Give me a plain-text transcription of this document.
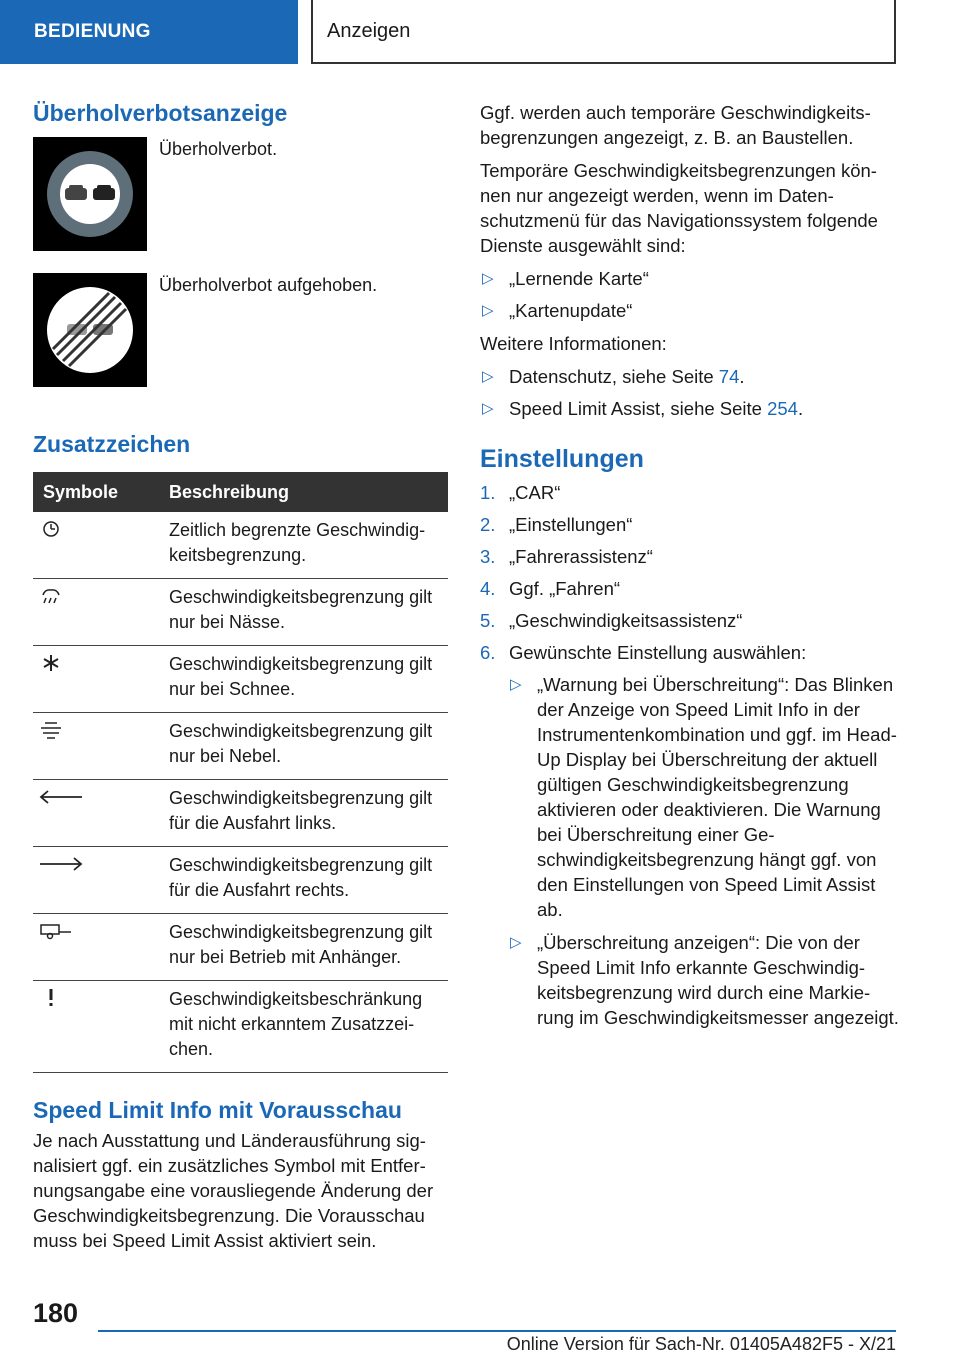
BEDIENUNG	Anzeigen
Überholverbotsanzeige
Überholverbot.
Überholverbot aufgehoben.
Zusatzzeichen
Symbole	Beschreibung
	Zeitlich begrenzte Geschwindigkeitsbegrenzung.
	Geschwindigkeitsbegrenzung gilt nur bei Nässe.
	Geschwindigkeitsbegrenzung gilt nur bei Schnee.
	Geschwindigkeitsbegrenzung gilt nur bei Nebel.
	Geschwindigkeitsbegrenzung gilt für die Ausfahrt links.
	Geschwindigkeitsbegrenzung gilt für die Ausfahrt rechts.
	Geschwindigkeitsbegrenzung gilt nur bei Betrieb mit Anhänger.
	Geschwindigkeitsbeschränkung mit nicht erkanntem Zusatzzeichen.
Speed Limit Info mit Vorausschau

Je nach Ausstattung und Länderausführung signalisiert ggf. ein zusätzliches Symbol mit Entfernungsangabe eine vorausliegende Änderung der Geschwindigkeitsbegrenzung. Die Vorausschau muss bei Speed Limit Assist aktiviert sein.

Ggf. werden auch temporäre Geschwindigkeitsbegrenzungen angezeigt, z. B. an Baustellen.

Temporäre Geschwindigkeitsbegrenzungen können nur angezeigt werden, wenn im Datenschutzmenü für das Navigationssystem folgende Dienste ausgewählt sind:

▷ „Lernende Karte“
▷ „Kartenupdate“

Weitere Informationen:

▷ Datenschutz, siehe Seite 74.
▷ Speed Limit Assist, siehe Seite 254.
Einstellungen
1. „CAR“
2. „Einstellungen“
3. „Fahrerassistenz“
4. Ggf. „Fahren“
5. „Geschwindigkeitsassistenz“
6. Gewünschte Einstellung auswählen:
▷ „Warnung bei Überschreitung“: Das Blinken der Anzeige von Speed Limit Info in der Instrumentenkombination und ggf. im Head-Up Display bei Überschreitung der aktuell gültigen Geschwindigkeitsbegrenzung aktivieren oder deaktivieren. Die Warnung bei Überschreitung einer Geschwindigkeitsbegrenzung hängt ggf. von den Einstellungen von Speed Limit Assist ab.
▷ „Überschreitung anzeigen“: Die von der Speed Limit Info erkannte Geschwindigkeitsbegrenzung wird durch eine Markierung im Geschwindigkeitsmesser angezeigt.
180
Online Version für Sach-Nr. 01405A482F5 - X/21
